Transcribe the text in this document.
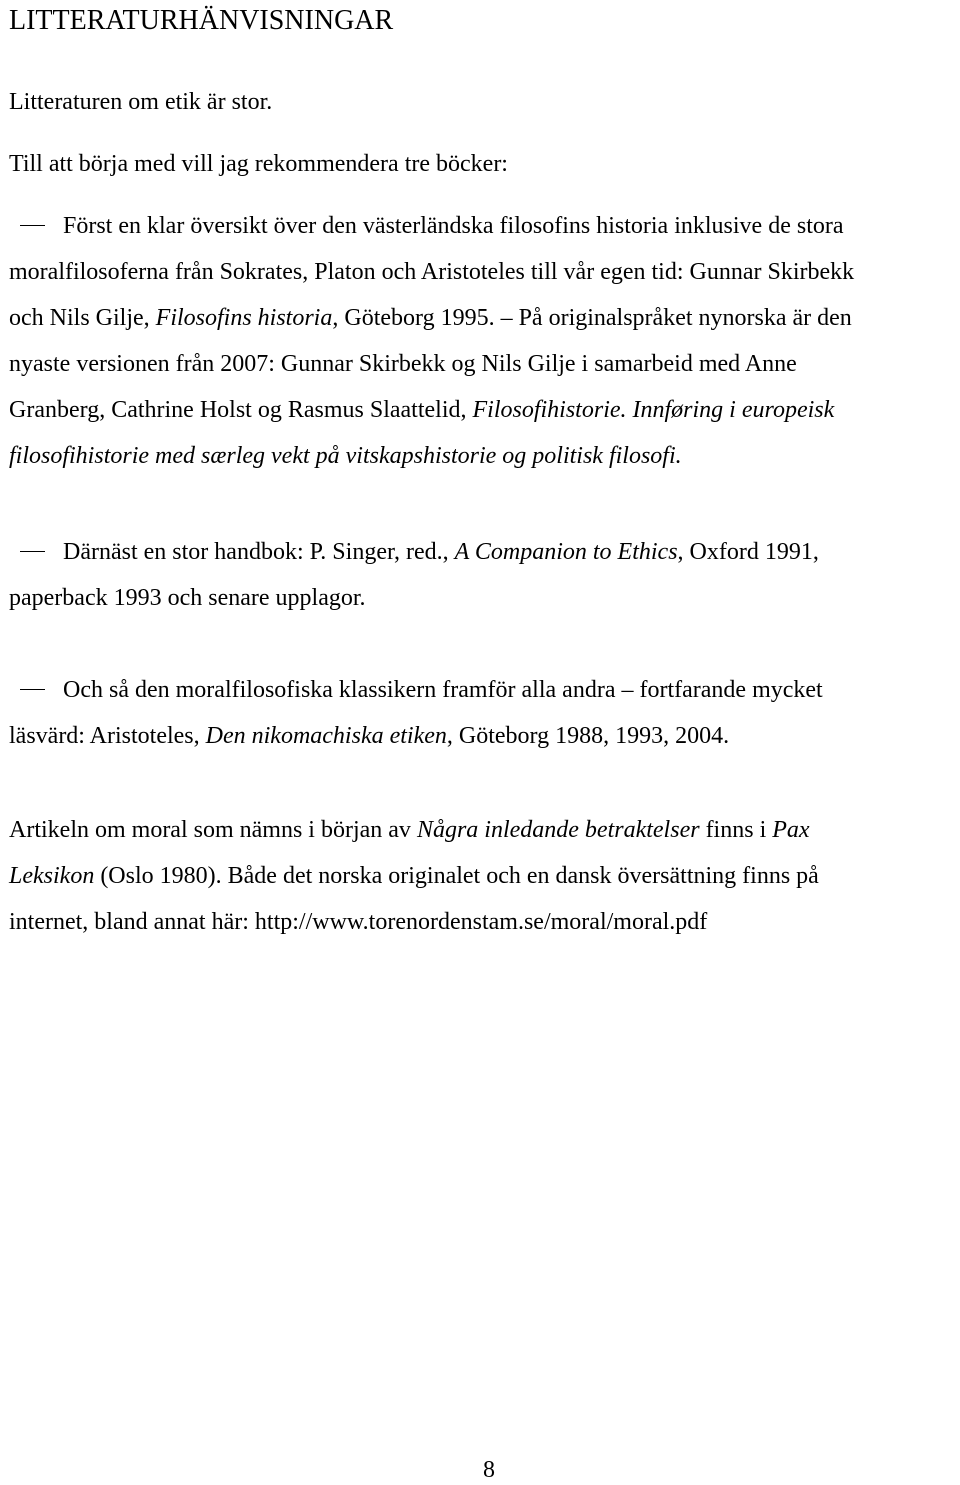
LITTERATURHÄNVISNINGAR

Litteraturen om etik är stor.

Till att börja med vill jag rekommendera tre böcker:

Först en klar översikt över den västerländska filosofins historia inklusive de stora
moralfilosoferna från Sokrates, Platon och Aristoteles till vår egen tid: Gunnar Skirbekk
och Nils Gilje, Filosofins historia, Göteborg 1995. – På originalspråket nynorska är den
nyaste versionen från 2007: Gunnar Skirbekk og Nils Gilje i samarbeid med Anne
Granberg, Cathrine Holst og Rasmus Slaattelid, Filosofihistorie. Innføring i europeisk
filosofihistorie med særleg vekt på vitskapshistorie og politisk filosofi.
Därnäst en stor handbok: P. Singer, red., A Companion to Ethics, Oxford 1991,
paperback 1993 och senare upplagor.
Och så den moralfilosofiska klassikern framför alla andra – fortfarande mycket
läsvärd: Aristoteles, Den nikomachiska etiken, Göteborg 1988, 1993, 2004.
Artikeln om moral som nämns i början av Några inledande betraktelser finns i Pax
Leksikon (Oslo 1980). Både det norska originalet och en dansk översättning finns på
internet, bland annat här: http://www.torenordenstam.se/moral/moral.pdf
8
